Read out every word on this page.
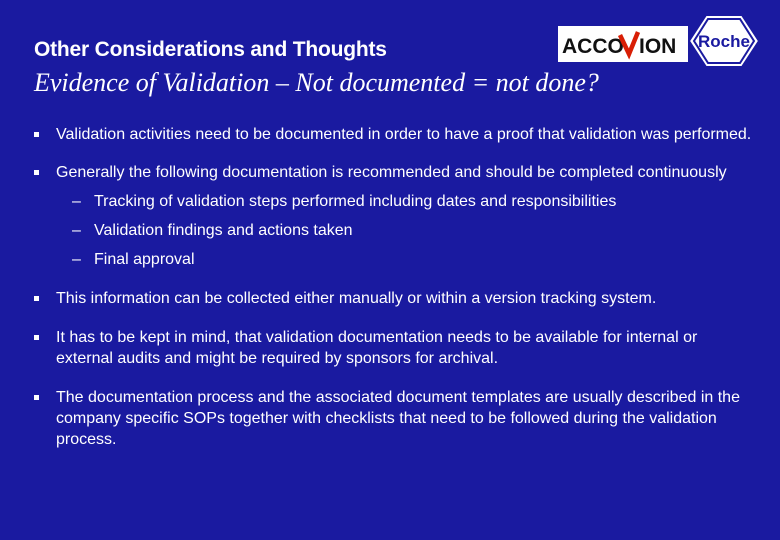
Other Considerations and Thoughts	ACCO ION Roche
Evidence of Validation – Not documented = not done?
Validation activities need to be documented in order to have a proof that validation was performed.
Generally the following documentation is recommended and should be completed continuously
– Tracking of validation steps performed including dates and responsibilities
– Validation findings and actions taken
– Final approval
This information can be collected either manually or within a version tracking system.
It has to be kept in mind, that validation documentation needs to be available for internal or external audits and might be required by sponsors for archival.
The documentation process and the associated document templates are usually described in the company specific SOPs together with checklists that need to be followed during the validation process.
